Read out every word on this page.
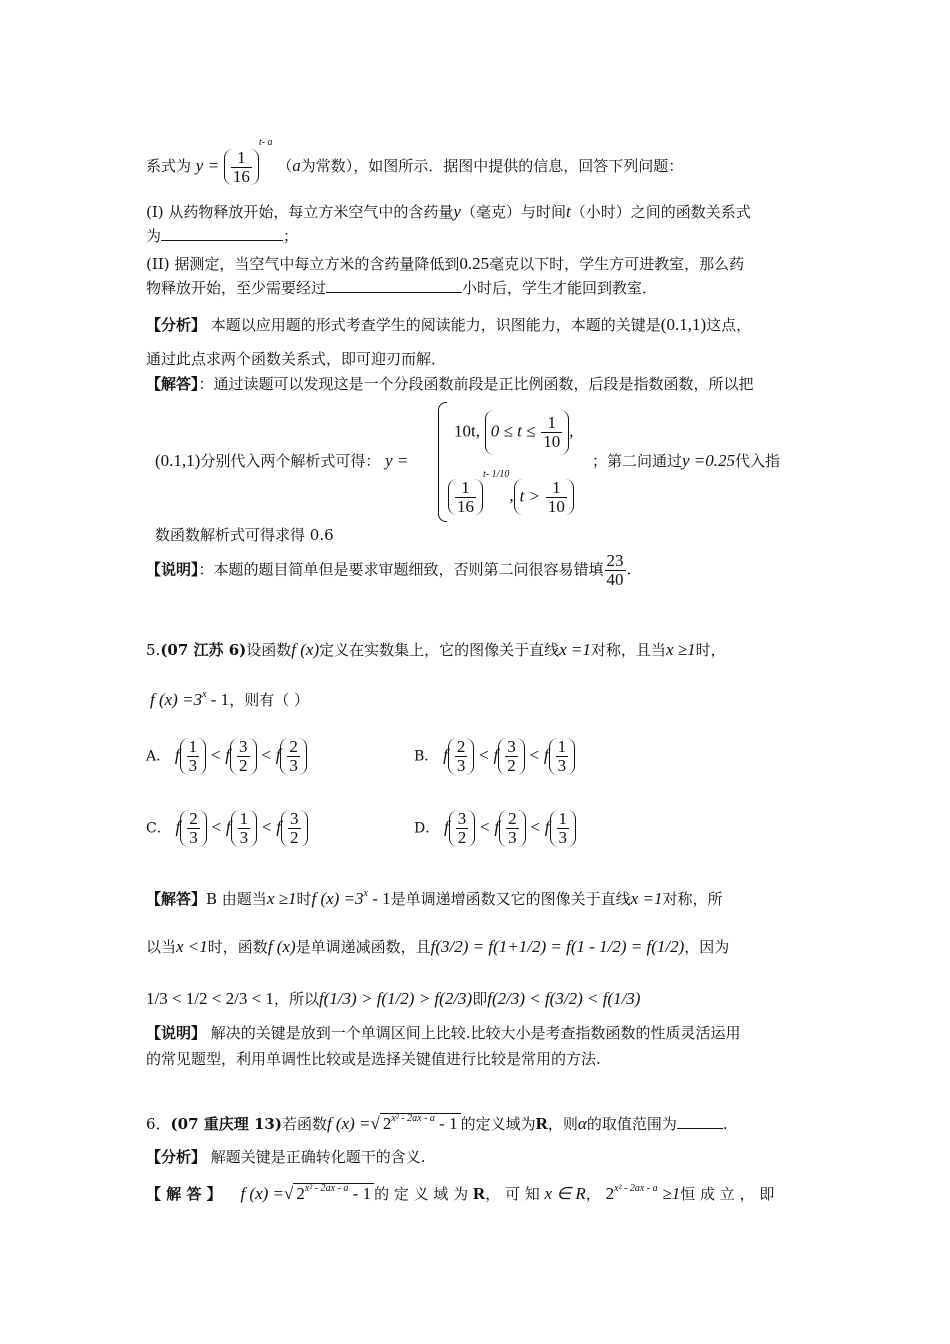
系式为 $y = \frac{1}{16}$
$^{t- a}$ （a为常数），如图所示．据图中提供的信息，回答下列问题：
(I) 从药物释放开始，每立方米空气中的含药量y（毫克）与时间t（小时）之间的函数关系式
为	；
(II) 据测定，当空气中每立方米的含药量降低到0.25毫克以下时，学生方可进教室，那么药
物释放开始，至少需要经过	小时后，学生才能回到教室．
【分析】 本题以应用题的形式考查学生的阅读能力，识图能力，本题的关键是(0.1,1)这点，
通过此点求两个函数关系式，即可迎刃而解．
【解答】：通过读题可以发现这是一个分段函数前段是正比例函数，后段是指数函数，所以把
(0.1,1)分别代入两个解析式可得： y =
10t, $0 \le t \le \frac{1}{10}$ ,
$\frac{1}{16}$
$^{t- 1/10}$, $t > \frac{1}{10}$
；第二问通过y =0.25代入指
数函数解析式可得求得 0.6
【说明】：本题的题目简单但是要求审题细致，否则第二问很容易错填 $\frac{23}{40}$ .
5.(07 江苏 6)设函数f (x)定义在实数集上，它的图像关于直线x =1对称，且当x ≥1时，
f $(x) =3^x - 1$，则有（ ）
A． f $\frac{1}{3} < f \frac{3}{2} < f \frac{2}{3}$	B． f $\frac{2}{3} < f \frac{3}{2} < f \frac{1}{3}$
C． f $\frac{2}{3} < f \frac{1}{3} < f \frac{3}{2}$	D． f $\frac{3}{2} < f \frac{2}{3} < f \frac{1}{3}$
【解答】B 由题当x ≥1时f $(x) =3^x - 1$是单调递增函数又它的图像关于直线x =1对称，所
以当x <1时，函数f (x)是单调递减函数，且f(3/2) = f(1+1/2) = f(1 - 1/2) = f(1/2)，因为
1/3 < 1/2 < 2/3 < 1，所以f(1/3) > f(1/2) > f(2/3)即f(2/3) < f(3/2) < f(1/3)
【说明】 解决的关键是放到一个单调区间上比较.比较大小是考查指数函数的性质灵活运用
的常见题型，利用单调性比较或是选择关键值进行比较是常用的方法.
6．(07 重庆理 13)若函数f (x) =√ $2^{x^2 - 2ax - a} - 1$ 的定义域为R，则α的取值范围为	.
【分析】 解题关键是正确转化题干的含义.
【 解 答 】 f (x) =√ $2^{x^2 - 2ax - a} - 1$ 的 定 义 域 为 R， 可 知 x ∈ R， $2^{x^2 - 2ax - a} \ge 1$恒 成 立 ， 即
